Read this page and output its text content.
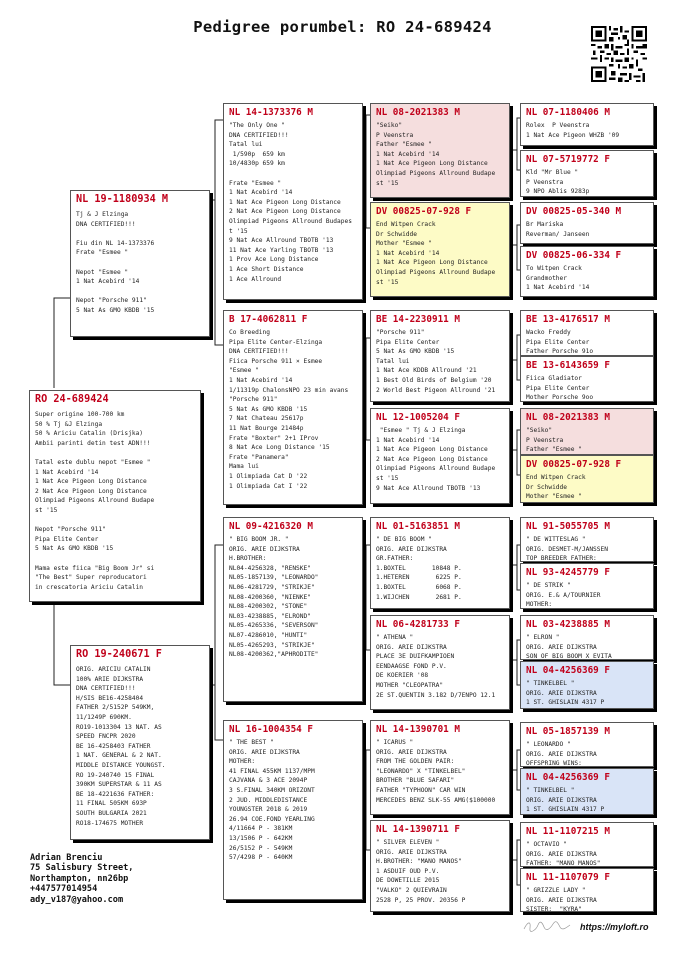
Pedigree porumbel: RO 24-689424
RO 24-689424
Super origine 100-700 km
50 % Tj &J Elzinga
50 % Ariciu Catalin (Drisjka)
Ambii parinti detin test ADN!!!

Tatal este dublu nepot "Esmee "
1 Nat Acebird '14
1 Nat Ace Pigeon Long Distance
2 Nat Ace Pigeon Long Distance
Olimpiad Pigeons Allround Budape
st '15

Nepot "Porsche 911"
Pipa Elite Center
5 Nat As GMO KBDB '15

Mama este fiica "Big Boom Jr" si
"The Best" Super reproducatori
in crescatoria Ariciu Catalin
NL 19-1180934 M
Tj & J Elzinga
DNA CERTIFIED!!!

Fiu din NL 14-1373376
Frate "Esmee "

Nepot "Esmee "
1 Nat Acebird '14

Nepot "Porsche 911"
5 Nat As GMO KBDB '15
RO 19-240671 F
ORIG. ARICIU CATALIN
100% ARIE DIJKSTRA
DNA CERTIFIED!!!
H/SIS BE16-4258404
FATHER 2/5152P 549KM,
11/1249P 690KM.
RO19-1013304 13 NAT. AS
SPEED FNCPR 2020
BE 16-4258403 FATHER
1 NAT. GENERAL & 2 NAT.
MIDDLE DISTANCE YOUNGST.
RO 19-240740 15 FINAL
390KM SUPERSTAR & 11 AS
BE 18-4221636 FATHER:
11 FINAL 505KM 693P
SOUTH BULGARIA 2021
RO18-174675 MOTHER
NL 14-1373376 M
"The Only One "
DNA CERTIFIED!!!
Tatal lui
1/590p  659 km
10/4830p 659 km

Frate "Esmee "
1 Nat Acebird '14
1 Nat Ace Pigeon Long Distance
2 Nat Ace Pigeon Long Distance
Olimpiad Pigeons Allround Budapes
t '15
9 Nat Ace Allround TBOTB '13
11 Nat Ace Yarling TBOTB '13
1 Prov Ace Long Distance
1 Ace Short Distance
1 Ace Allround
B 17-4062811 F
Co Breeding
Pipa Elite Center-Elzinga
DNA CERTIFIED!!!
Fiica Porsche 911 × Esmee
"Esmee "
1 Nat Acebird '14
1/11319p ChalonsNPO 23 min avans
"Porsche 911"
5 Nat As GMO KBDB '15
7 Nat Chateau 25617p
11 Nat Bourge 21484p
Frate "Boxter" 2+1 IProv
8 Nat Ace Long Distance '15
Frate "Panamera"
Mama lui
1 Olimpiada Cat D '22
1 Olimpiada Cat I '22
NL 09-4216320 M
" BIG BOOM JR. "
ORIG. ARIE DIJKSTRA
H.BROTHER:
NL04-4256328, "RENSKE"
NL05-1857139, "LEONARDO"
NL06-4281729, "STRIKJE"
NL08-4200360, "NIENKE"
NL08-4200302, "STONE"
NL03-4238885, "ELROND"
NL05-4265336, "SEVERSON"
NL07-4286010, "HUNTI"
NL05-4265293, "STRIKJE"
NL08-4200362,"APHRODITE"
NL 16-1004354 F
" THE BEST "
ORIG. ARIE DIJKSTRA
MOTHER:
41 FINAL 455KM 1137/MPM
CAJVANA & 3 ACE 2094P
3 S.FINAL 340KM ORIZONT
2 JUD. MIDDLEDISTANCE
YOUNGSTER 2018 & 2019
26.94 COE.FOND YEARLING
4/11664 P - 381KM
13/1506 P - 642KM
26/5152 P - 549KM
57/4298 P - 640KM
NL 08-2021383 M
"Seiko"
P Veenstra
Father "Esmee "
1 Nat Acebird '14
1 Nat Ace Pigeon Long Distance
Olimpiad Pigeons Allround Budape
st '15
DV 00825-07-928 F
End Witpen Crack
Dr Schwidde
Mother "Esmee "
1 Nat Acebird '14
1 Nat Ace Pigeon Long Distance
Olimpiad Pigeons Allround Budape
st '15
BE 14-2230911 M
"Porsche 911"
Pipa Elite Center
5 Nat As GMO KBDB '15
Tatal lui
1 Nat Ace KDDB Allround '21
1 Best Old Birds of Belgium '20
2 World Best Pigeon Allround '21
NL 12-1005204 F
"Esmee " Tj & J Elzinga
1 Nat Acebird '14
1 Nat Ace Pigeon Long Distance
2 Nat Ace Pigeon Long Distance
Olimpiad Pigeons Allround Budape
st '15
9 Nat Ace Allround TBOTB '13
NL 01-5163851 M
" DE BIG BOOM "
ORIG. ARIE DIJKSTRA
GR.FATHER:
1.BOXTEL       10848 P.
1.HETEREN       6225 P.
1.BOXTEL        6068 P.
1.WIJCHEN       2681 P.
NL 06-4281733 F
" ATHENA "
ORIG. ARIE DIJKSTRA
PLACE 3E DUIFKAMPIOEN
EENDAAGSE FOND P.V.
DE KOERIER '08
MOTHER "CLEOPATRA"
2E ST.QUENTIN 3.182 D/7ENPO 12.1
NL 14-1390701 M
" ICARUS "
ORIG. ARIE DIJKSTRA
FROM THE GOLDEN PAIR:
"LEONARDO" X "TINKELBEL"
BROTHER "BLUE SAFARI"
FATHER "TYPHOON" CAR WIN
MERCEDES BENZ SLK-55 AMG($100000
NL 14-1390711 F
" SILVER ELEVEN "
ORIG. ARIE DIJKSTRA
H.BROTHER: "MANO MANOS"
1 ASDUIF OUD P.V.
DE DOWETILLE 2015
"VALKO" 2 QUIEVRAIN
2528 P, 25 PROV. 20356 P
NL 07-1180406 M
Rolex  P Veenstra
1 Nat Ace Pigeon WHZB '09
NL 07-5719772 F
Kld "Mr Blue "
P Veenstra
9 NPO Ablis 9283p
DV 00825-05-340 M
Br Mariska
Reverman/ Janseen
DV 00825-06-334 F
To Witpen Crack
Grandmother
1 Nat Acebird '14
BE 13-4176517 M
Wacko Freddy
Pipa Elite Center
Father Porsche 91o
BE 13-6143659 F
Fiica Gladiator
Pipa Elite Center
Mother Porsche 9oo
NL 08-2021383 M
"Seiko"
P Veenstra
Father "Esmee "
DV 00825-07-928 F
End Witpen Crack
Dr Schwidde
Mother "Esmee "
NL 91-5055705 M
" DE WITTESLAG "
ORIG. DESMET-M/JANSSEN
TOP BREEDER FATHER:
NL 93-4245779 F
" DE STRIK "
ORIG. E.& A/TOURNIER
MOTHER:
NL 03-4238885 M
" ELRON "
ORIG. ARIE DIJKSTRA
SON OF BIG BOOM X EVITA
NL 04-4256369 F
" TINKELBEL "
ORIG. ARIE DIJKSTRA
1 ST. GHISLAIN 4317 P
NL 05-1857139 M
" LEONARDO "
ORIG. ARIE DIJKSTRA
OFFSPRING WINS:
NL 04-4256369 F
" TINKELBEL "
ORIG. ARIE DIJKSTRA
1 ST. GHISLAIN 4317 P
NL 11-1107215 M
" OCTAVIO "
ORIG. ARIE DIJKSTRA
FATHER: "MANO MANOS"
NL 11-1107079 F
" GRIZZLE LADY "
ORIG. ARIE DIJKSTRA
SISTER:  "KYRA"
Adrian Brenciu
75 Salisbury Street,
Northampton, nn26bp
+447577014954
ady_v187@yahoo.com
https://myloft.ro
